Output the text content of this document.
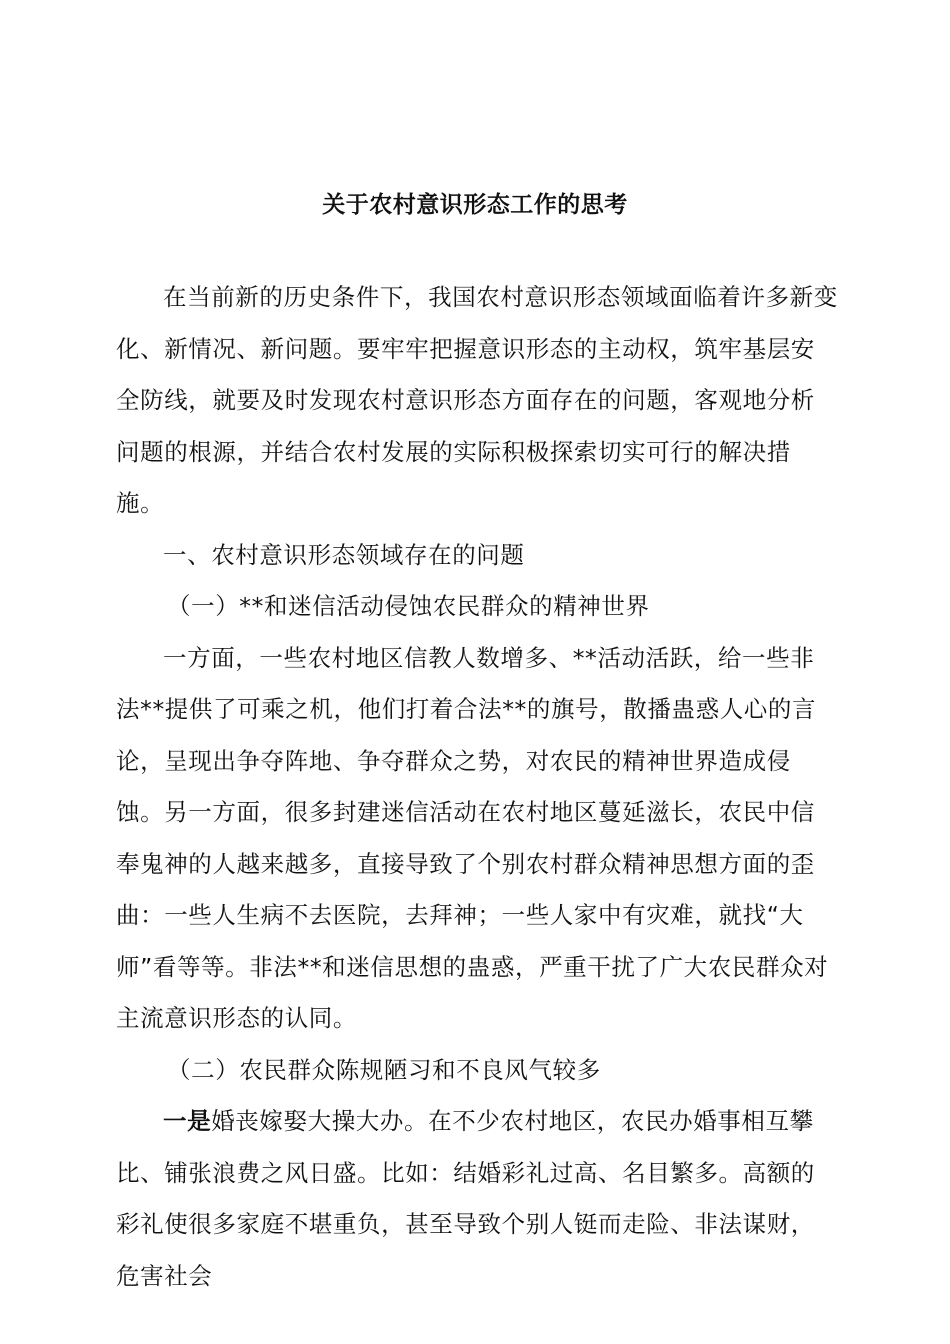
关于农村意识形态工作的思考

在当前新的历史条件下，我国农村意识形态领域面临着许多新变化、新情况、新问题。要牢牢把握意识形态的主动权，筑牢基层安全防线，就要及时发现农村意识形态方面存在的问题，客观地分析问题的根源，并结合农村发展的实际积极探索切实可行的解决措施。

一、农村意识形态领域存在的问题

（一）**和迷信活动侵蚀农民群众的精神世界

一方面，一些农村地区信教人数增多、**活动活跃，给一些非法**提供了可乘之机，他们打着合法**的旗号，散播蛊惑人心的言论，呈现出争夺阵地、争夺群众之势，对农民的精神世界造成侵蚀。另一方面，很多封建迷信活动在农村地区蔓延滋长，农民中信奉鬼神的人越来越多，直接导致了个别农村群众精神思想方面的歪曲：一些人生病不去医院，去拜神；一些人家中有灾难，就找“大师”看等等。非法**和迷信思想的蛊惑，严重干扰了广大农民群众对主流意识形态的认同。

（二）农民群众陈规陋习和不良风气较多

一是婚丧嫁娶大操大办。在不少农村地区，农民办婚事相互攀比、铺张浪费之风日盛。比如：结婚彩礼过高、名目繁多。高额的彩礼使很多家庭不堪重负，甚至导致个别人铤而走险、非法谋财，危害社会
